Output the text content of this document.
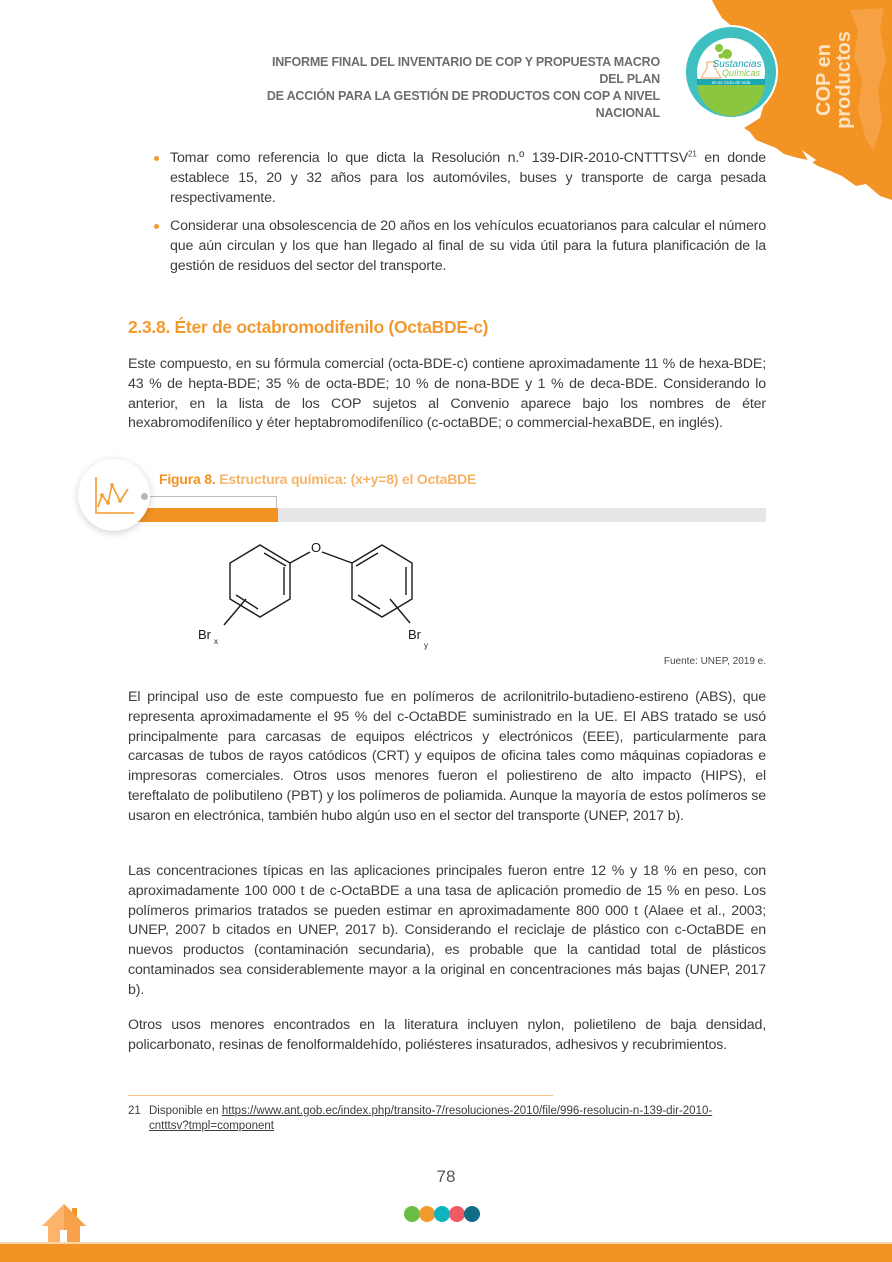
Sustancias
Químicas
en su Ciclo de Vida	COP en
productos
INFORME FINAL DEL INVENTARIO DE COP Y PROPUESTA MACRO DEL PLAN
DE ACCIÓN PARA LA GESTIÓN DE PRODUCTOS CON COP A NIVEL NACIONAL
Tomar como referencia lo que dicta la Resolución n.º 139-DIR-2010-CNTTTSV$^{21}$ en donde establece 15, 20 y 32 años para los automóviles, buses y transporte de carga pesada respectivamente.
Considerar una obsolescencia de 20 años en los vehículos ecuatorianos para calcular el número que aún circulan y los que han llegado al final de su vida útil para la futura planificación de la gestión de residuos del sector del transporte.
2.3.8. Éter de octabromodifenilo (OctaBDE-c)

Este compuesto, en su fórmula comercial (octa-BDE-c) contiene aproximadamente 11 % de hexa-BDE; 43 % de hepta-BDE; 35 % de octa-BDE; 10 % de nona-BDE y 1 % de deca-BDE. Considerando lo anterior, en la lista de los COP sujetos al Convenio aparece bajo los nombres de éter hexabromodifenílico y éter heptabromodifenílico (c-octaBDE; o commercial-hexaBDE, en inglés).

Figura 8. Estructura química: (x+y=8) el OctaBDE
O
Br x	Br
y
Fuente: UNEP, 2019 e.

El principal uso de este compuesto fue en polímeros de acrilonitrilo-butadieno-estireno (ABS), que representa aproximadamente el 95 % del c-OctaBDE suministrado en la UE. El ABS tratado se usó principalmente para carcasas de equipos eléctricos y electrónicos (EEE), particularmente para carcasas de tubos de rayos catódicos (CRT) y equipos de oficina tales como máquinas copiadoras e impresoras comerciales. Otros usos menores fueron el poliestireno de alto impacto (HIPS), el tereftalato de polibutileno (PBT) y los polímeros de poliamida. Aunque la mayoría de estos polímeros se usaron en electrónica, también hubo algún uso en el sector del transporte (UNEP, 2017 b).

Las concentraciones típicas en las aplicaciones principales fueron entre 12 % y 18 % en peso, con aproximadamente 100 000 t de c-OctaBDE a una tasa de aplicación promedio de 15 % en peso. Los polímeros primarios tratados se pueden estimar en aproximadamente 800 000 t (Alaee et al., 2003; UNEP, 2007 b citados en UNEP, 2017 b). Considerando el reciclaje de plástico con c-OctaBDE en nuevos productos (contaminación secundaria), es probable que la cantidad total de plásticos contaminados sea considerablemente mayor a la original en concentraciones más bajas (UNEP, 2017 b).

Otros usos menores encontrados en la literatura incluyen nylon, polietileno de baja densidad, policarbonato, resinas de fenolformaldehído, poliésteres insaturados, adhesivos y recubrimientos.

21 Disponible en https://www.ant.gob.ec/index.php/transito-7/resoluciones-2010/file/996-resolucin-n-139-dir-2010-cntttsv?tmpl=component
78
